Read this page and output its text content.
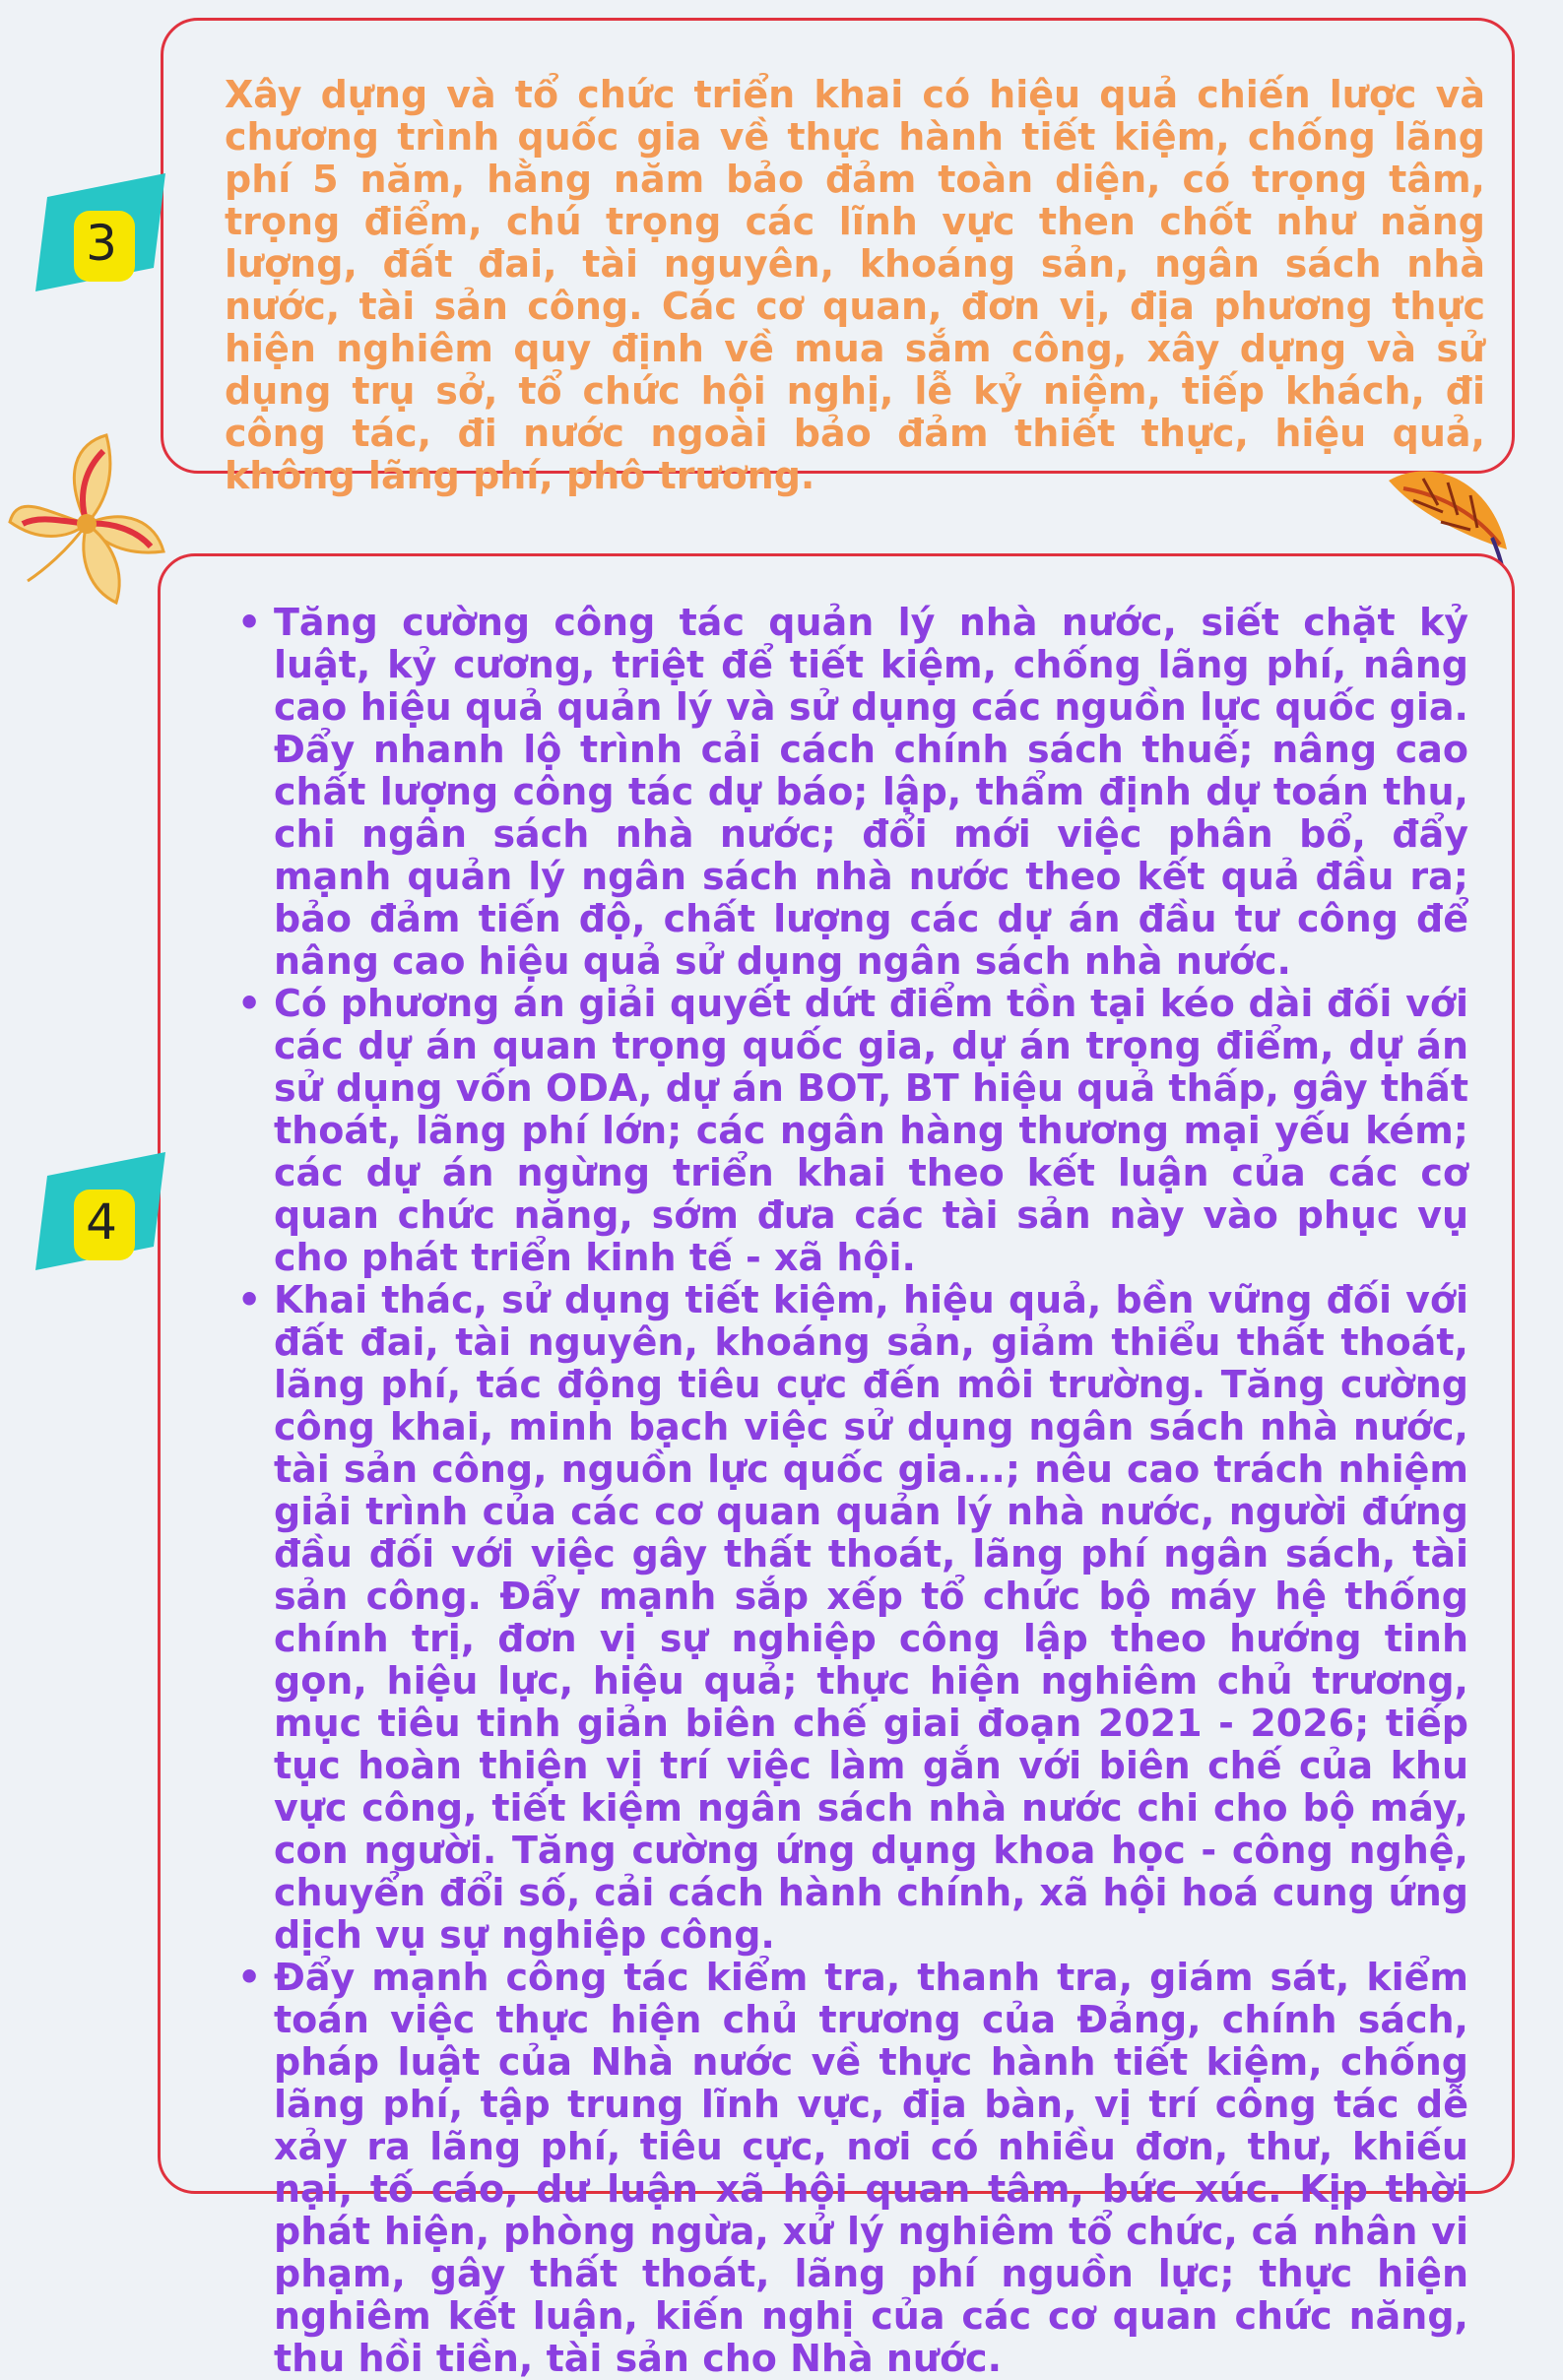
Xây dựng và tổ chức triển khai có hiệu quả chiến lược và chương trình quốc gia về thực hành tiết kiệm, chống lãng phí 5 năm, hằng năm bảo đảm toàn diện, có trọng tâm, trọng điểm, chú trọng các lĩnh vực then chốt như năng lượng, đất đai, tài nguyên, khoáng sản, ngân sách nhà nước, tài sản công. Các cơ quan, đơn vị, địa phương thực hiện nghiêm quy định về mua sắm công, xây dựng và sử dụng trụ sở, tổ chức hội nghị, lễ kỷ niệm, tiếp khách, đi công tác, đi nước ngoài bảo đảm thiết thực, hiệu quả, không lãng phí, phô trương.

3
• Tăng cường công tác quản lý nhà nước, siết chặt kỷ luật, kỷ cương, triệt để tiết kiệm, chống lãng phí, nâng cao hiệu quả quản lý và sử dụng các nguồn lực quốc gia. Đẩy nhanh lộ trình cải cách chính sách thuế; nâng cao chất lượng công tác dự báo; lập, thẩm định dự toán thu, chi ngân sách nhà nước; đổi mới việc phân bổ, đẩy mạnh quản lý ngân sách nhà nước theo kết quả đầu ra; bảo đảm tiến độ, chất lượng các dự án đầu tư công để nâng cao hiệu quả sử dụng ngân sách nhà nước.
• Có phương án giải quyết dứt điểm tồn tại kéo dài đối với các dự án quan trọng quốc gia, dự án trọng điểm, dự án sử dụng vốn ODA, dự án BOT, BT hiệu quả thấp, gây thất thoát, lãng phí lớn; các ngân hàng thương mại yếu kém; các dự án ngừng triển khai theo kết luận của các cơ quan chức năng, sớm đưa các tài sản này vào phục vụ cho phát triển kinh tế - xã hội.
• Khai thác, sử dụng tiết kiệm, hiệu quả, bền vững đối với đất đai, tài nguyên, khoáng sản, giảm thiểu thất thoát, lãng phí, tác động tiêu cực đến môi trường. Tăng cường công khai, minh bạch việc sử dụng ngân sách nhà nước, tài sản công, nguồn lực quốc gia...; nêu cao trách nhiệm giải trình của các cơ quan quản lý nhà nước, người đứng đầu đối với việc gây thất thoát, lãng phí ngân sách, tài sản công. Đẩy mạnh sắp xếp tổ chức bộ máy hệ thống chính trị, đơn vị sự nghiệp công lập theo hướng tinh gọn, hiệu lực, hiệu quả; thực hiện nghiêm chủ trương, mục tiêu tinh giản biên chế giai đoạn 2021 - 2026; tiếp tục hoàn thiện vị trí việc làm gắn với biên chế của khu vực công, tiết kiệm ngân sách nhà nước chi cho bộ máy, con người. Tăng cường ứng dụng khoa học - công nghệ, chuyển đổi số, cải cách hành chính, xã hội hoá cung ứng dịch vụ sự nghiệp công.
• Đẩy mạnh công tác kiểm tra, thanh tra, giám sát, kiểm toán việc thực hiện chủ trương của Đảng, chính sách, pháp luật của Nhà nước về thực hành tiết kiệm, chống lãng phí, tập trung lĩnh vực, địa bàn, vị trí công tác dễ xảy ra lãng phí, tiêu cực, nơi có nhiều đơn, thư, khiếu nại, tố cáo, dư luận xã hội quan tâm, bức xúc. Kịp thời phát hiện, phòng ngừa, xử lý nghiêm tổ chức, cá nhân vi phạm, gây thất thoát, lãng phí nguồn lực; thực hiện nghiêm kết luận, kiến nghị của các cơ quan chức năng, thu hồi tiền, tài sản cho Nhà nước.
4
